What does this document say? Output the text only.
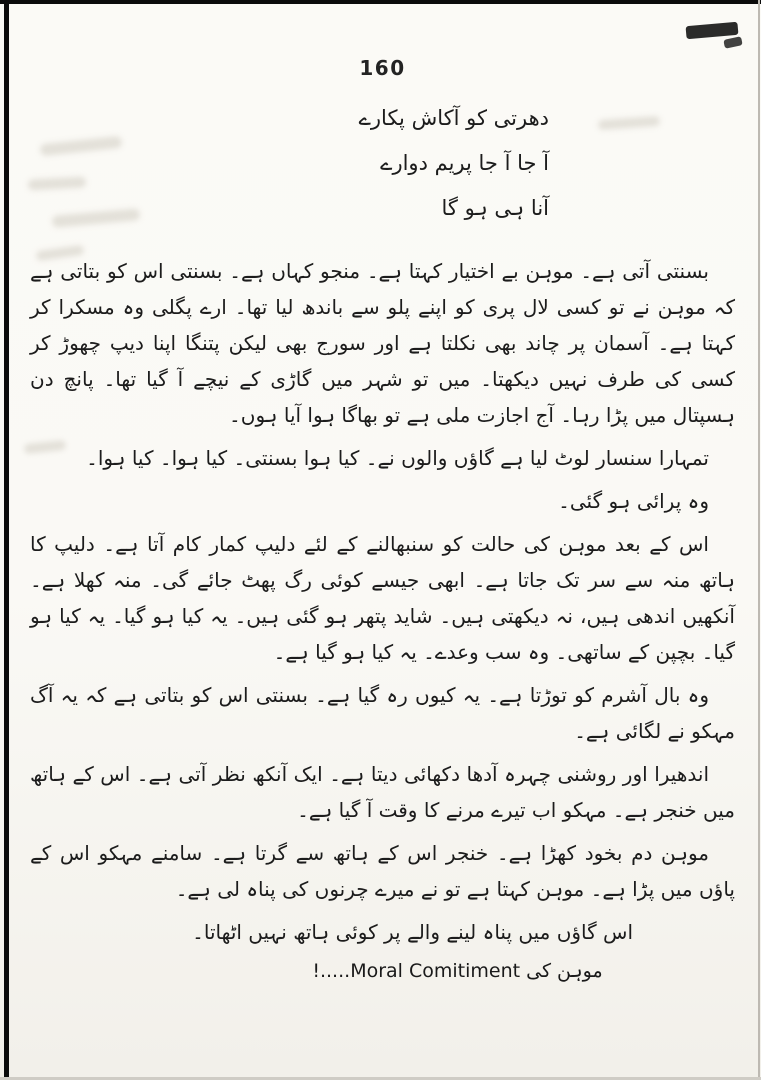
160

دھرتی کو آکاش پکارے

آ جا آ جا پریم دوارے

آنا ہی ہو گا

بسنتی آتی ہے۔ موہن بے اختیار کہتا ہے۔ منجو کہاں ہے۔ بسنتی اس کو بتاتی ہے کہ موہن نے تو کسی لال پری کو اپنے پلو سے باندھ لیا تھا۔ ارے پگلی وہ مسکرا کر کہتا ہے۔ آسمان پر چاند بھی نکلتا ہے اور سورج بھی لیکن پتنگا اپنا دیپ چھوڑ کر کسی کی طرف نہیں دیکھتا۔ میں تو شہر میں گاڑی کے نیچے آ گیا تھا۔ پانچ دن ہسپتال میں پڑا رہا۔ آج اجازت ملی ہے تو بھاگا ہوا آیا ہوں۔

تمہارا سنسار لوٹ لیا ہے گاؤں والوں نے۔ کیا ہوا بسنتی۔ کیا ہوا۔ کیا ہوا۔

وہ پرائی ہو گئی۔

اس کے بعد موہن کی حالت کو سنبھالنے کے لئے دلیپ کمار کام آتا ہے۔ دلیپ کا ہاتھ منہ سے سر تک جاتا ہے۔ ابھی جیسے کوئی رگ پھٹ جائے گی۔ منہ کھلا ہے۔ آنکھیں اندھی ہیں، نہ دیکھتی ہیں۔ شاید پتھر ہو گئی ہیں۔ یہ کیا ہو گیا۔ یہ کیا ہو گیا۔ بچپن کے ساتھی۔ وہ سب وعدے۔ یہ کیا ہو گیا ہے۔

وہ بال آشرم کو توڑتا ہے۔ یہ کیوں رہ گیا ہے۔ بسنتی اس کو بتاتی ہے کہ یہ آگ مہکو نے لگائی ہے۔

اندھیرا اور روشنی چہرہ آدھا دکھائی دیتا ہے۔ ایک آنکھ نظر آتی ہے۔ اس کے ہاتھ میں خنجر ہے۔ مہکو اب تیرے مرنے کا وقت آ گیا ہے۔

موہن دم بخود کھڑا ہے۔ خنجر اس کے ہاتھ سے گرتا ہے۔ سامنے مہکو اس کے پاؤں میں پڑا ہے۔ موہن کہتا ہے تو نے میرے چرنوں کی پناہ لی ہے۔

اس گاؤں میں پناہ لینے والے پر کوئی ہاتھ نہیں اٹھاتا۔

موہن کی Moral Comitiment.....!
